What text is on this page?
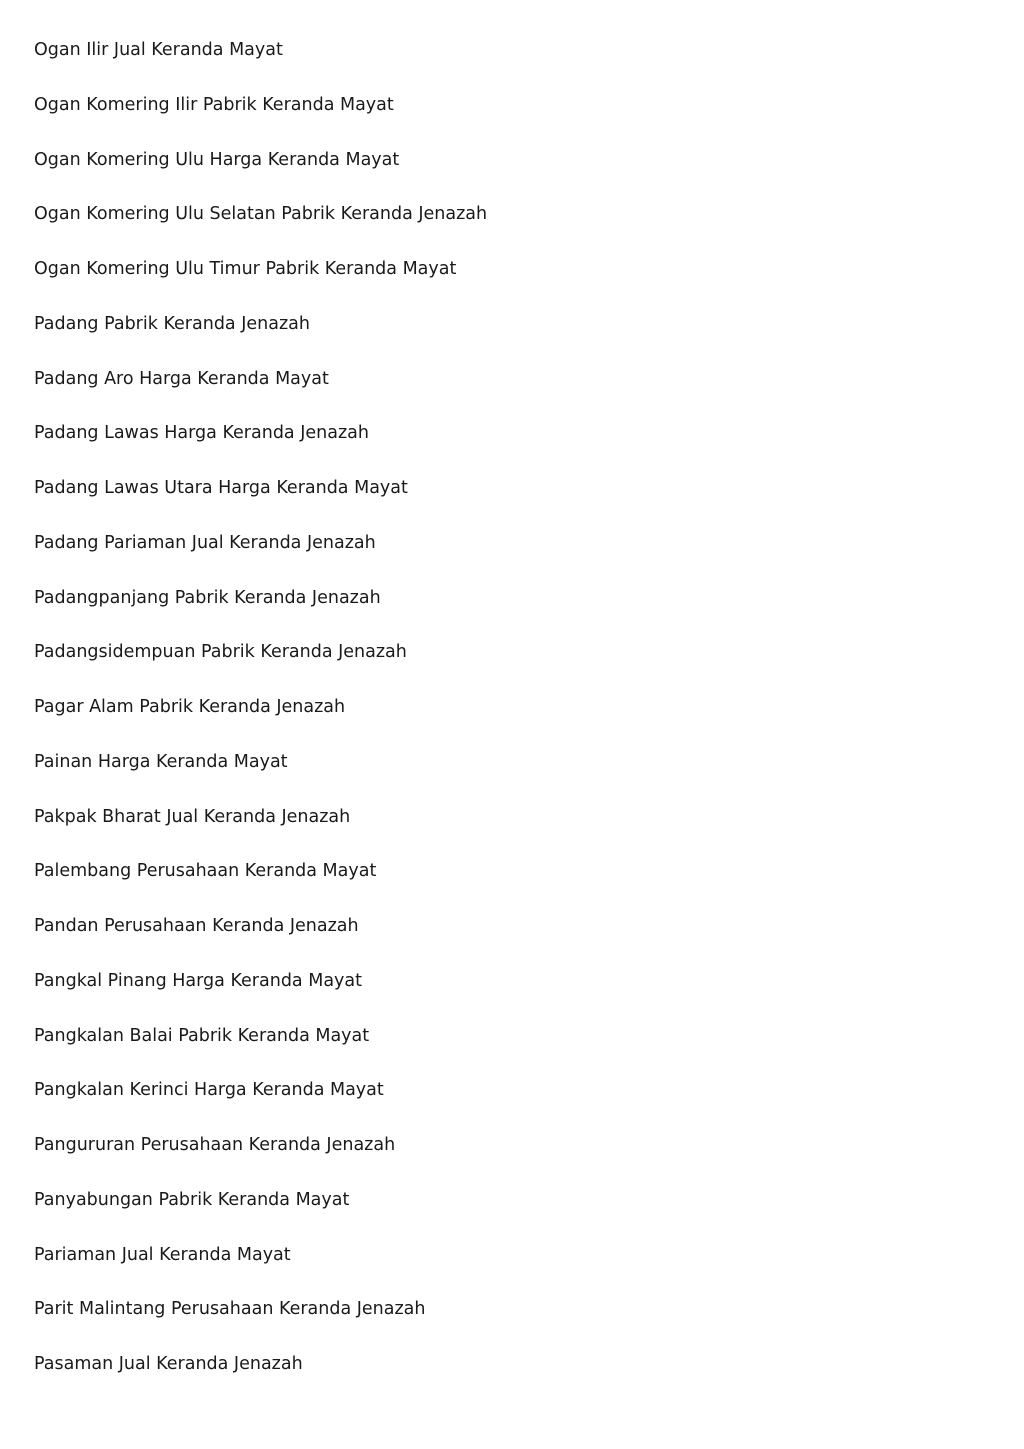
Ogan Ilir Jual Keranda Mayat
Ogan Komering Ilir Pabrik Keranda Mayat
Ogan Komering Ulu Harga Keranda Mayat
Ogan Komering Ulu Selatan Pabrik Keranda Jenazah
Ogan Komering Ulu Timur Pabrik Keranda Mayat
Padang Pabrik Keranda Jenazah
Padang Aro Harga Keranda Mayat
Padang Lawas Harga Keranda Jenazah
Padang Lawas Utara Harga Keranda Mayat
Padang Pariaman Jual Keranda Jenazah
Padangpanjang Pabrik Keranda Jenazah
Padangsidempuan Pabrik Keranda Jenazah
Pagar Alam Pabrik Keranda Jenazah
Painan Harga Keranda Mayat
Pakpak Bharat Jual Keranda Jenazah
Palembang Perusahaan Keranda Mayat
Pandan Perusahaan Keranda Jenazah
Pangkal Pinang Harga Keranda Mayat
Pangkalan Balai Pabrik Keranda Mayat
Pangkalan Kerinci Harga Keranda Mayat
Pangururan Perusahaan Keranda Jenazah
Panyabungan Pabrik Keranda Mayat
Pariaman Jual Keranda Mayat
Parit Malintang Perusahaan Keranda Jenazah
Pasaman Jual Keranda Jenazah
